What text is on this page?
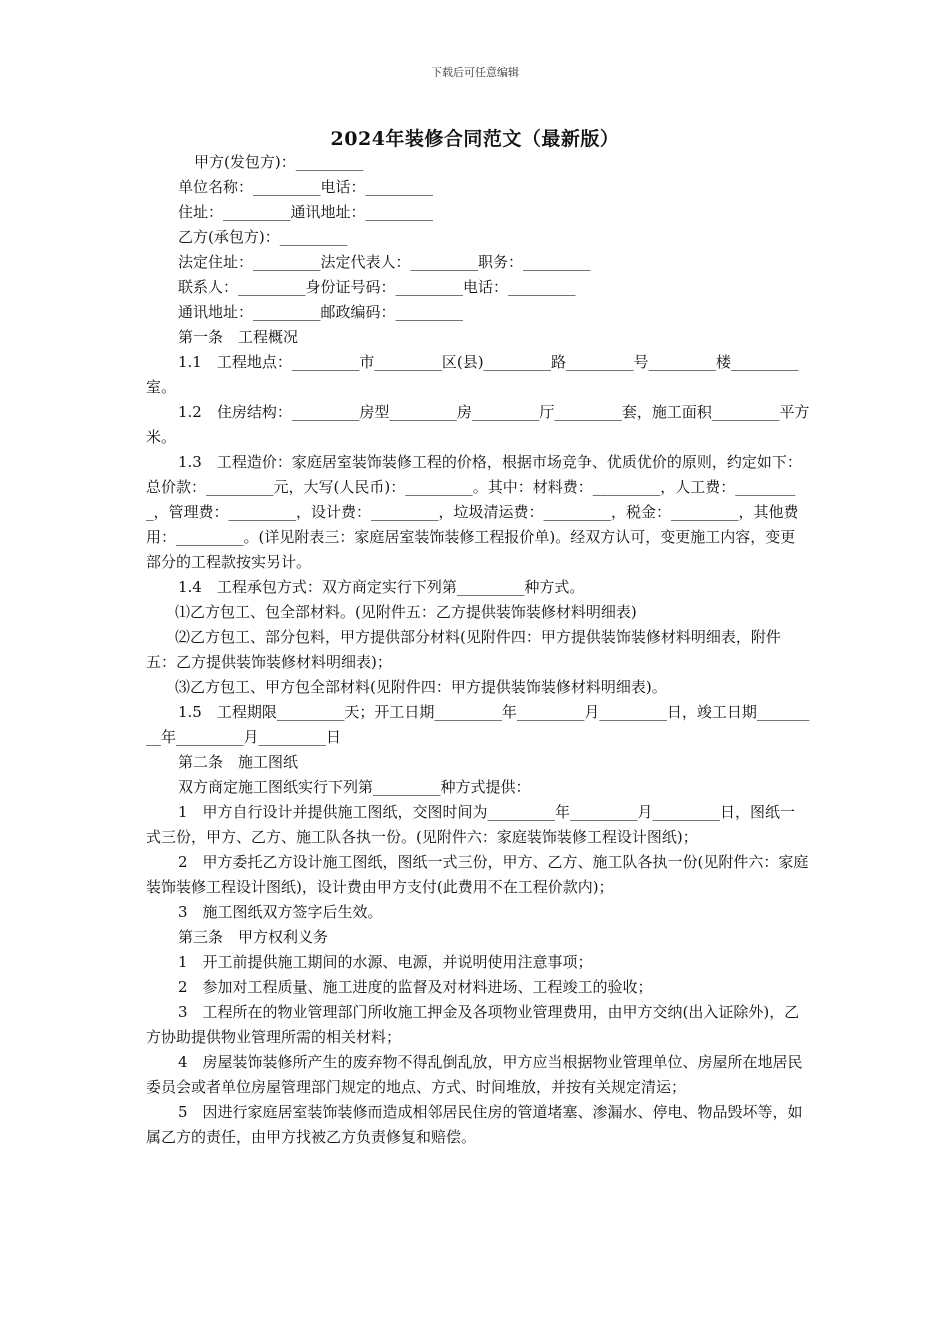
下载后可任意编辑
2024年装修合同范文（最新版）

甲方(发包方)：_________

单位名称：_________电话：_________

住址：_________通讯地址：_________

乙方(承包方)：_________

法定住址：_________法定代表人：_________职务：_________

联系人：_________身份证号码：_________电话：_________

通讯地址：_________邮政编码：_________

第一条　工程概况

1.1　工程地点：_________市_________区(县)_________路_________号_________楼_________室。

1.2　住房结构：_________房型_________房_________厅_________套，施工面积_________平方米。

1.3　工程造价：家庭居室装饰装修工程的价格，根据市场竞争、优质优价的原则，约定如下：总价款：_________元，大写(人民币)：_________。其中：材料费：_________，人工费：_________，管理费：_________，设计费：_________，垃圾清运费：_________，税金：_________，其他费用：_________。(详见附表三：家庭居室装饰装修工程报价单)。经双方认可，变更施工内容，变更部分的工程款按实另计。

1.4　工程承包方式：双方商定实行下列第_________种方式。

⑴乙方包工、包全部材料。(见附件五：乙方提供装饰装修材料明细表)

⑵乙方包工、部分包料，甲方提供部分材料(见附件四：甲方提供装饰装修材料明细表，附件五：乙方提供装饰装修材料明细表)；

⑶乙方包工、甲方包全部材料(见附件四：甲方提供装饰装修材料明细表)。

1.5　工程期限_________天；开工日期_________年_________月_________日，竣工日期_________年_________月_________日

第二条　施工图纸

双方商定施工图纸实行下列第_________种方式提供：

1　甲方自行设计并提供施工图纸，交图时间为_________年_________月_________日，图纸一式三份，甲方、乙方、施工队各执一份。(见附件六：家庭装饰装修工程设计图纸)；

2　甲方委托乙方设计施工图纸，图纸一式三份，甲方、乙方、施工队各执一份(见附件六：家庭装饰装修工程设计图纸)，设计费由甲方支付(此费用不在工程价款内)；

3　施工图纸双方签字后生效。

第三条　甲方权利义务

1　开工前提供施工期间的水源、电源，并说明使用注意事项；

2　参加对工程质量、施工进度的监督及对材料进场、工程竣工的验收；

3　工程所在的物业管理部门所收施工押金及各项物业管理费用，由甲方交纳(出入证除外)，乙方协助提供物业管理所需的相关材料；

4　房屋装饰装修所产生的废弃物不得乱倒乱放，甲方应当根据物业管理单位、房屋所在地居民委员会或者单位房屋管理部门规定的地点、方式、时间堆放，并按有关规定清运；

5　因进行家庭居室装饰装修而造成相邻居民住房的管道堵塞、渗漏水、停电、物品毁坏等，如属乙方的责任，由甲方找被乙方负责修复和赔偿。
